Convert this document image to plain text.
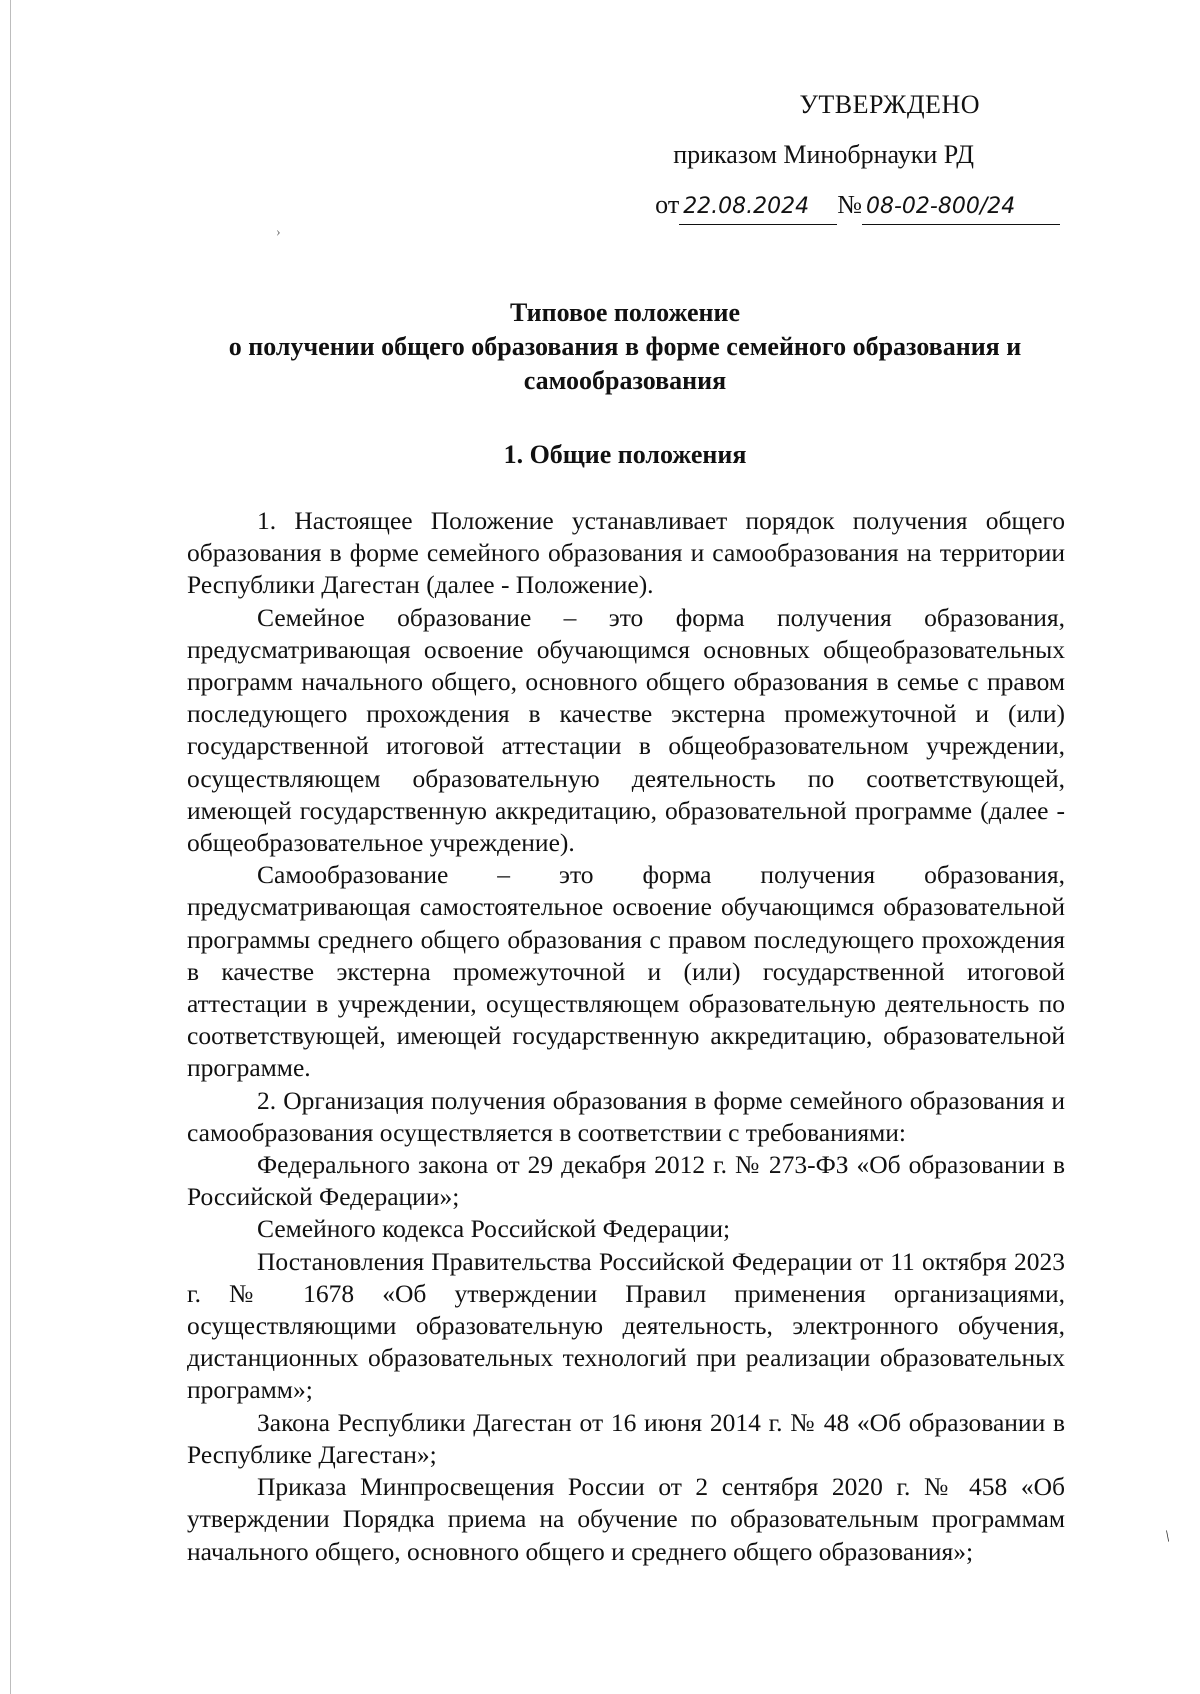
УТВЕРЖДЕНО
приказом Минобрнауки РД
от 22.08.2024 № 08-02-800/24
›
Типовое положение
о получении общего образования в форме семейного образования и самообразования
1. Общие положения

1. Настоящее Положение устанавливает порядок получения общего образования в форме семейного образования и самообразования на территории Республики Дагестан (далее - Положение).

Семейное образование – это форма получения образования, предусматривающая освоение обучающимся основных общеобразовательных программ начального общего, основного общего образования в семье с правом последующего прохождения в качестве экстерна промежуточной и (или) государственной итоговой аттестации в общеобразовательном учреждении, осуществляющем образовательную деятельность по соответствующей, имеющей государственную аккредитацию, образовательной программе (далее - общеобразовательное учреждение).

Самообразование – это форма получения образования, предусматривающая самостоятельное освоение обучающимся образовательной программы среднего общего образования с правом последующего прохождения в качестве экстерна промежуточной и (или) государственной итоговой аттестации в учреждении, осуществляющем образовательную деятельность по соответствующей, имеющей государственную аккредитацию, образовательной программе.

2. Организация получения образования в форме семейного образования и самообразования осуществляется в соответствии с требованиями:

Федерального закона от 29 декабря 2012 г. № 273-ФЗ «Об образовании в Российской Федерации»;

Семейного кодекса Российской Федерации;

Постановления Правительства Российской Федерации от 11 октября 2023 г. № 1678 «Об утверждении Правил применения организациями, осуществляющими образовательную деятельность, электронного обучения, дистанционных образовательных технологий при реализации образовательных программ»;

Закона Республики Дагестан от 16 июня 2014 г. № 48 «Об образовании в Республике Дагестан»;

Приказа Минпросвещения России от 2 сентября 2020 г. № 458 «Об утверждении Порядка приема на обучение по образовательным программам начального общего, основного общего и среднего общего образования»;	/
